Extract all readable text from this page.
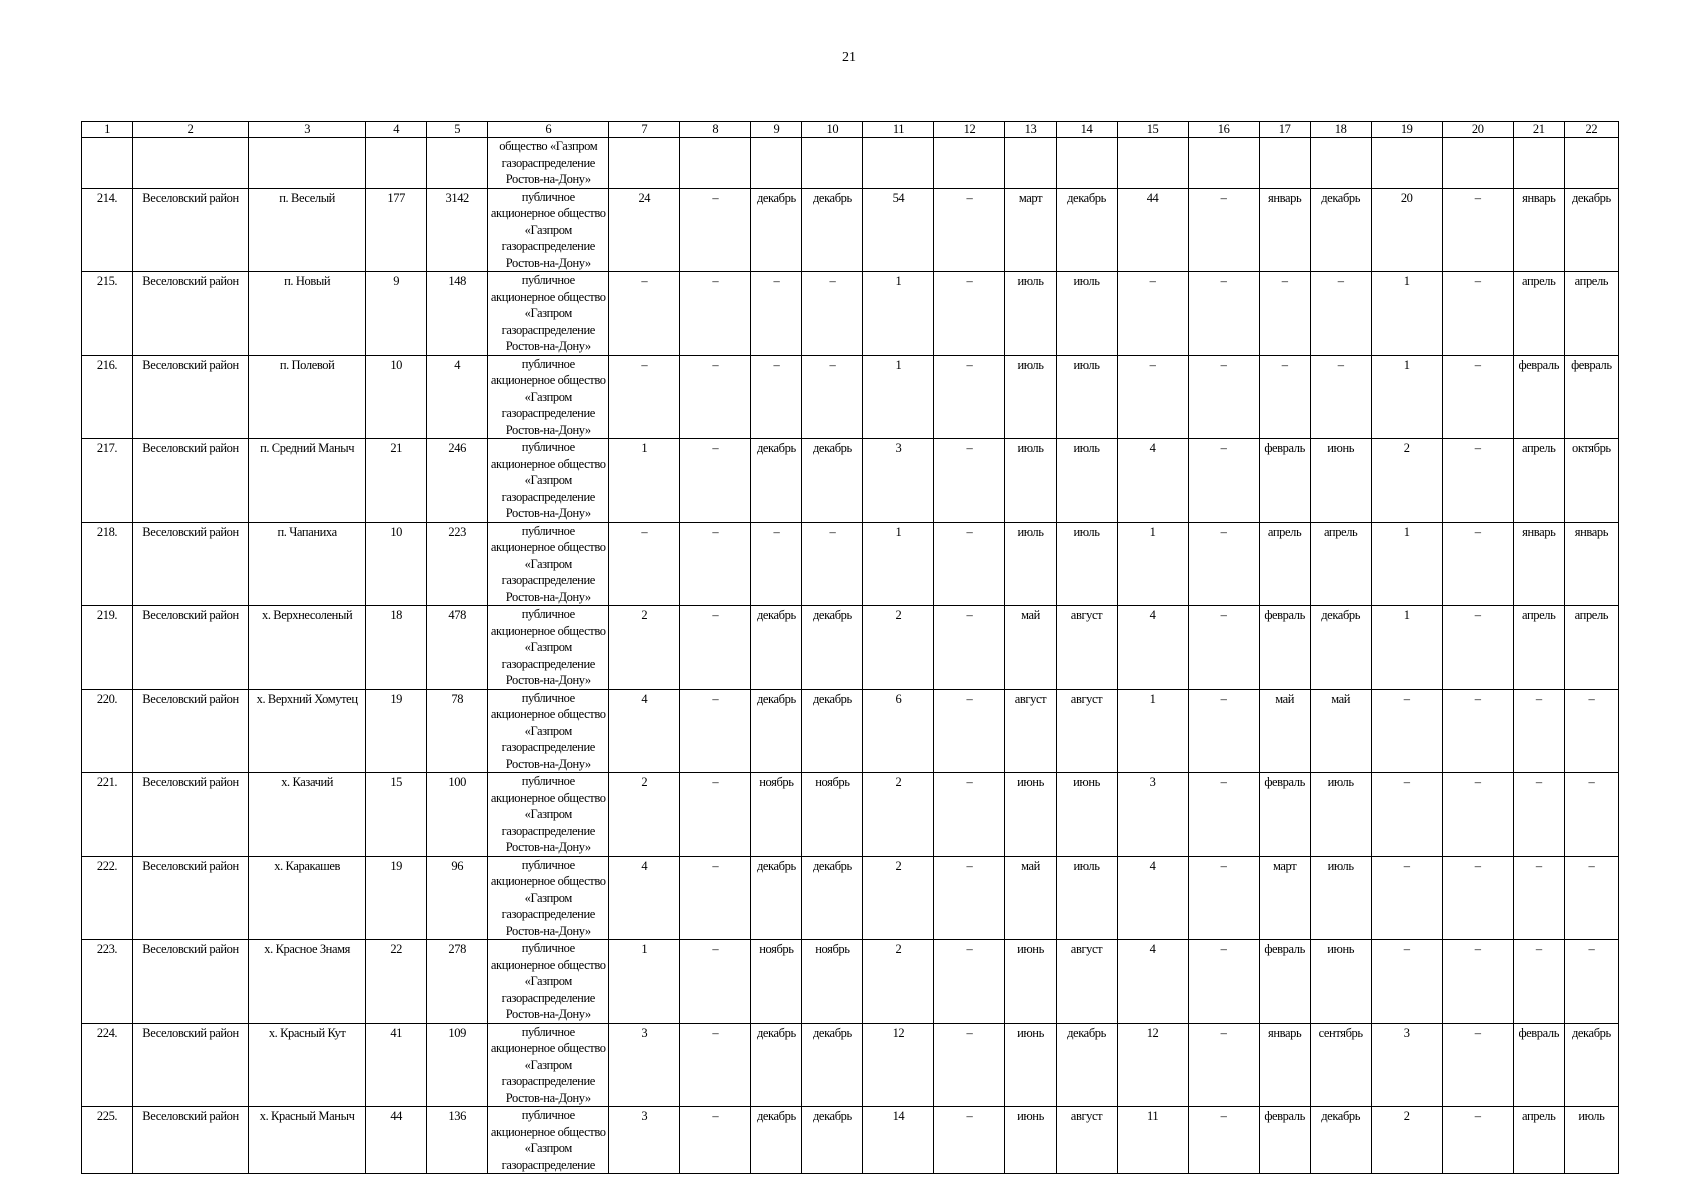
21
1	2	3	4	5	6	7	8	9	10	11	12	13	14	15	16	17	18	19	20	21	22
					общество «Газпром газораспределение Ростов-на-Дону»																
214.	Веселовский район	п. Веселый	177	3142	публичное акционерное общество «Газпром газораспределение Ростов-на-Дону»	24	–	декабрь	декабрь	54	–	март	декабрь	44	–	январь	декабрь	20	–	январь	декабрь
215.	Веселовский район	п. Новый	9	148	публичное акционерное общество «Газпром газораспределение Ростов-на-Дону»	–	–	–	–	1	–	июль	июль	–	–	–	–	1	–	апрель	апрель
216.	Веселовский район	п. Полевой	10	4	публичное акционерное общество «Газпром газораспределение Ростов-на-Дону»	–	–	–	–	1	–	июль	июль	–	–	–	–	1	–	февраль	февраль
217.	Веселовский район	п. Средний Маныч	21	246	публичное акционерное общество «Газпром газораспределение Ростов-на-Дону»	1	–	декабрь	декабрь	3	–	июль	июль	4	–	февраль	июнь	2	–	апрель	октябрь
218.	Веселовский район	п. Чапаниха	10	223	публичное акционерное общество «Газпром газораспределение Ростов-на-Дону»	–	–	–	–	1	–	июль	июль	1	–	апрель	апрель	1	–	январь	январь
219.	Веселовский район	х. Верхнесоленый	18	478	публичное акционерное общество «Газпром газораспределение Ростов-на-Дону»	2	–	декабрь	декабрь	2	–	май	август	4	–	февраль	декабрь	1	–	апрель	апрель
220.	Веселовский район	х. Верхний Хомутец	19	78	публичное акционерное общество «Газпром газораспределение Ростов-на-Дону»	4	–	декабрь	декабрь	6	–	август	август	1	–	май	май	–	–	–	–
221.	Веселовский район	х. Казачий	15	100	публичное акционерное общество «Газпром газораспределение Ростов-на-Дону»	2	–	ноябрь	ноябрь	2	–	июнь	июнь	3	–	февраль	июль	–	–	–	–
222.	Веселовский район	х. Каракашев	19	96	публичное акционерное общество «Газпром газораспределение Ростов-на-Дону»	4	–	декабрь	декабрь	2	–	май	июль	4	–	март	июль	–	–	–	–
223.	Веселовский район	х. Красное Знамя	22	278	публичное акционерное общество «Газпром газораспределение Ростов-на-Дону»	1	–	ноябрь	ноябрь	2	–	июнь	август	4	–	февраль	июнь	–	–	–	–
224.	Веселовский район	х. Красный Кут	41	109	публичное акционерное общество «Газпром газораспределение Ростов-на-Дону»	3	–	декабрь	декабрь	12	–	июнь	декабрь	12	–	январь	сентябрь	3	–	февраль	декабрь
225.	Веселовский район	х. Красный Маныч	44	136	публичное акционерное общество «Газпром газораспределение	3	–	декабрь	декабрь	14	–	июнь	август	11	–	февраль	декабрь	2	–	апрель	июль
